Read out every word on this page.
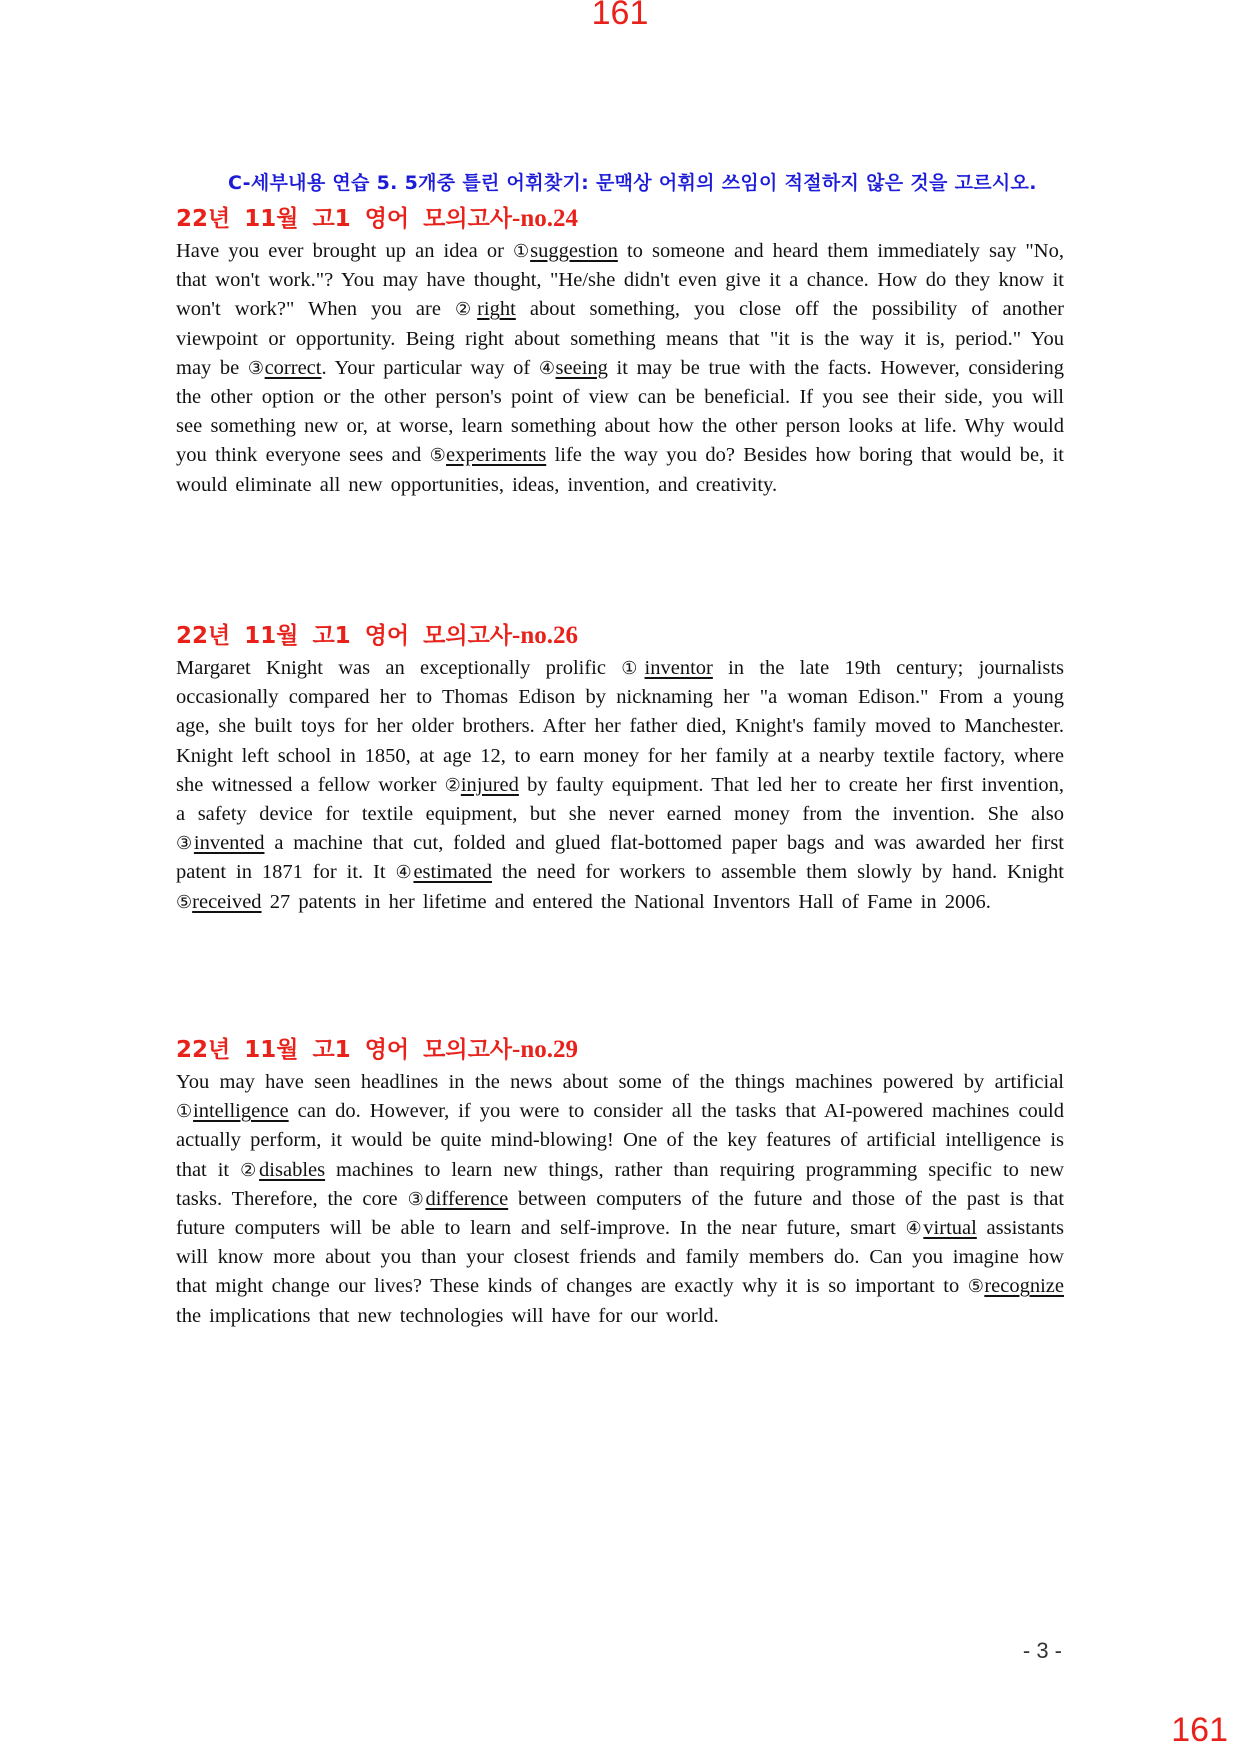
161
C-세부내용 연습 5. 5개중 틀린 어휘찾기: 문맥상 어휘의 쓰임이 적절하지 않은 것을 고르시오.
22년 11월 고1 영어 모의고사-no.24

Have you ever brought up an idea or ①suggestion to someone and heard them immediately say "No, that won't work."? You may have thought, "He/she didn't even give it a chance. How do they know it won't work?" When you are ②right about something, you close off the possibility of another viewpoint or opportunity. Being right about something means that "it is the way it is, period." You may be ③correct. Your particular way of ④seeing it may be true with the facts. However, considering the other option or the other person's point of view can be beneficial. If you see their side, you will see something new or, at worse, learn something about how the other person looks at life. Why would you think everyone sees and ⑤experiments life the way you do? Besides how boring that would be, it would eliminate all new opportunities, ideas, invention, and creativity.

22년 11월 고1 영어 모의고사-no.26

Margaret Knight was an exceptionally prolific ①inventor in the late 19th century; journalists occasionally compared her to Thomas Edison by nicknaming her "a woman Edison." From a young age, she built toys for her older brothers. After her father died, Knight's family moved to Manchester. Knight left school in 1850, at age 12, to earn money for her family at a nearby textile factory, where she witnessed a fellow worker ②injured by faulty equipment. That led her to create her first invention, a safety device for textile equipment, but she never earned money from the invention. She also ③invented a machine that cut, folded and glued flat-bottomed paper bags and was awarded her first patent in 1871 for it. It ④estimated the need for workers to assemble them slowly by hand. Knight ⑤received 27 patents in her lifetime and entered the National Inventors Hall of Fame in 2006.

22년 11월 고1 영어 모의고사-no.29

You may have seen headlines in the news about some of the things machines powered by artificial ①intelligence can do. However, if you were to consider all the tasks that AI-powered machines could actually perform, it would be quite mind-blowing! One of the key features of artificial intelligence is that it ②disables machines to learn new things, rather than requiring programming specific to new tasks. Therefore, the core ③difference between computers of the future and those of the past is that future computers will be able to learn and self-improve. In the near future, smart ④virtual assistants will know more about you than your closest friends and family members do. Can you imagine how that might change our lives? These kinds of changes are exactly why it is so important to ⑤recognize the implications that new technologies will have for our world.

- 3 -
161
